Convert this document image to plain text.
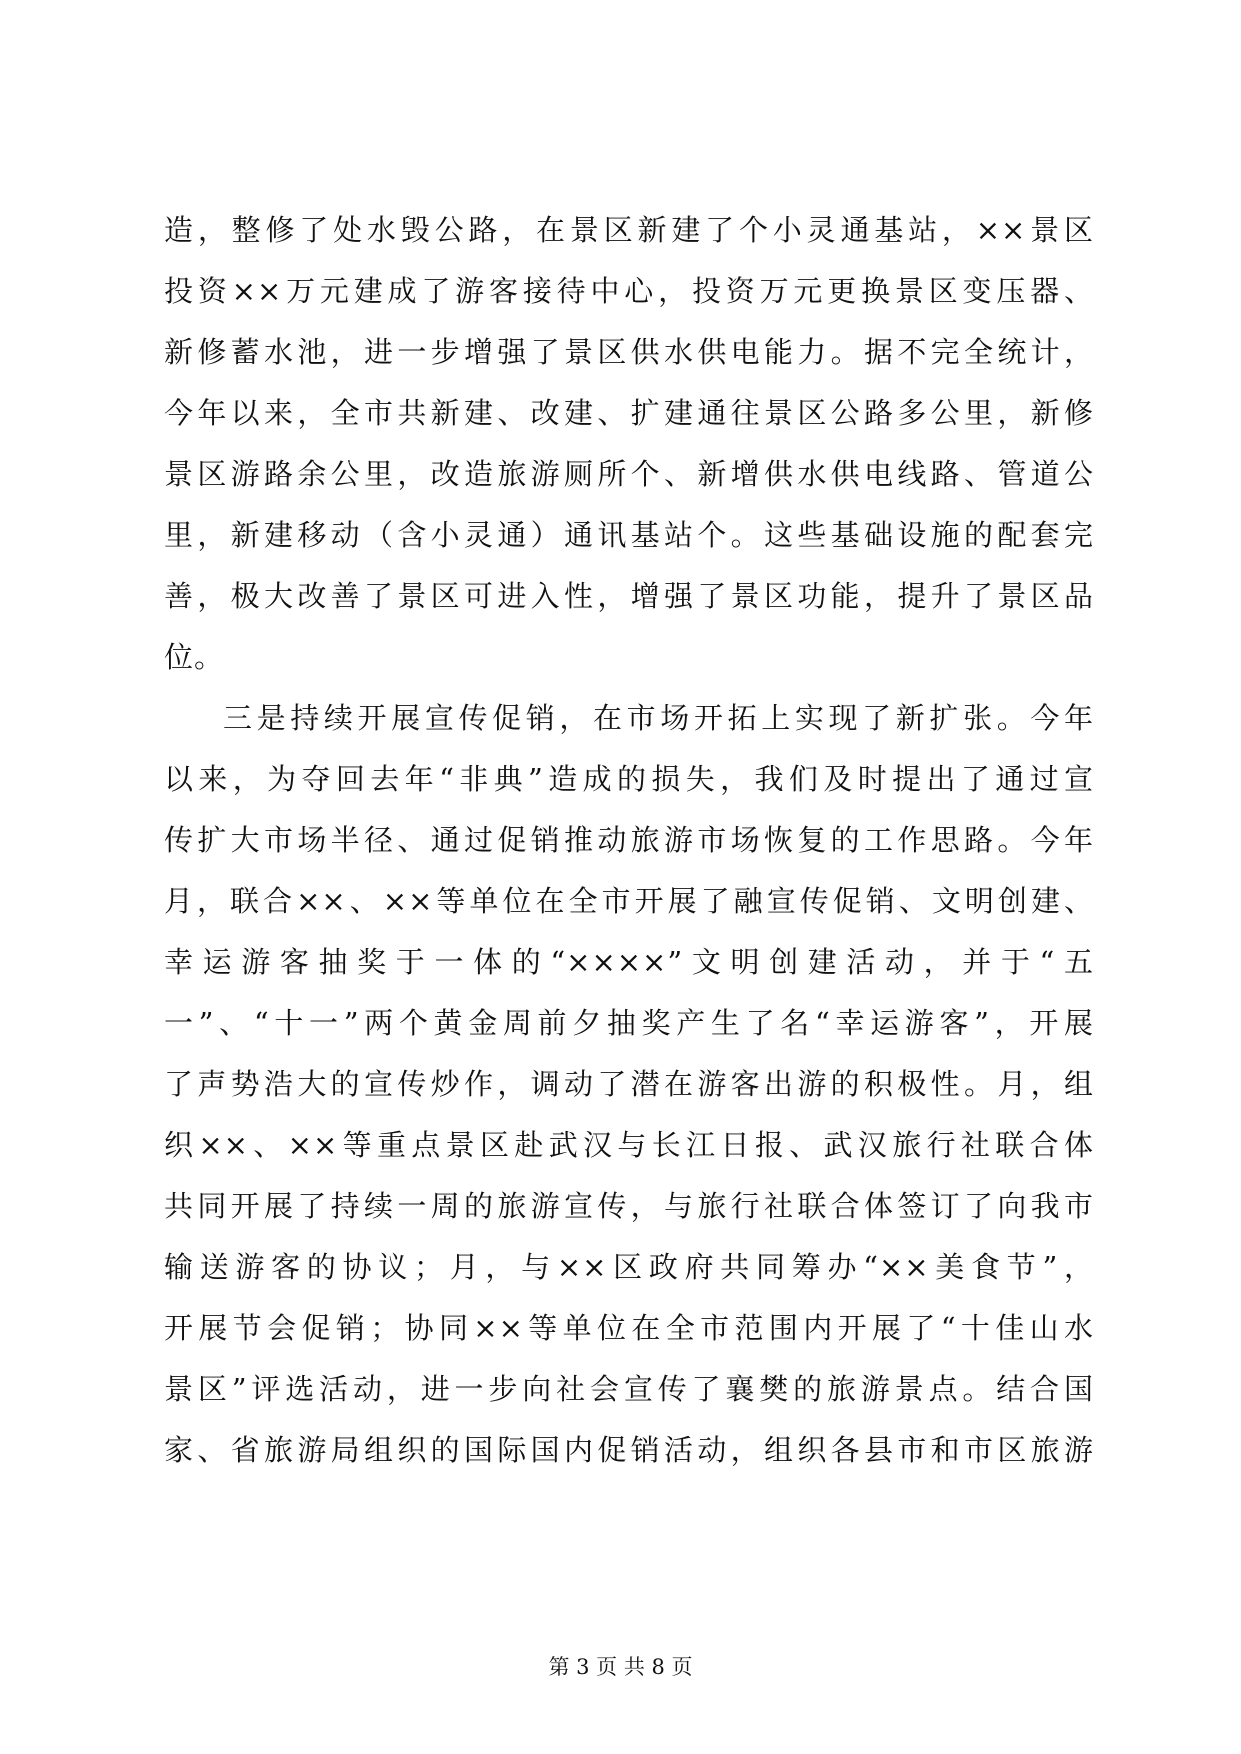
造，整修了处水毁公路，在景区新建了个小灵通基站，××景区
投资××万元建成了游客接待中心，投资万元更换景区变压器、
新修蓄水池，进一步增强了景区供水供电能力。据不完全统计，
今年以来，全市共新建、改建、扩建通往景区公路多公里，新修
景区游路余公里，改造旅游厕所个、新增供水供电线路、管道公
里，新建移动（含小灵通）通讯基站个。这些基础设施的配套完
善，极大改善了景区可进入性，增强了景区功能，提升了景区品
位。
三是持续开展宣传促销，在市场开拓上实现了新扩张。今年
以来，为夺回去年“非典”造成的损失，我们及时提出了通过宣
传扩大市场半径、通过促销推动旅游市场恢复的工作思路。今年
月，联合××、××等单位在全市开展了融宣传促销、文明创建、
幸运游客抽奖于一体的“××××”文明创建活动，并于“五
一”、“十一”两个黄金周前夕抽奖产生了名“幸运游客”，开展
了声势浩大的宣传炒作，调动了潜在游客出游的积极性。月，组
织××、××等重点景区赴武汉与长江日报、武汉旅行社联合体
共同开展了持续一周的旅游宣传，与旅行社联合体签订了向我市
输送游客的协议；月，与××区政府共同筹办“××美食节”，
开展节会促销；协同××等单位在全市范围内开展了“十佳山水
景区”评选活动，进一步向社会宣传了襄樊的旅游景点。结合国
家、省旅游局组织的国际国内促销活动，组织各县市和市区旅游
第 3 页 共 8 页
